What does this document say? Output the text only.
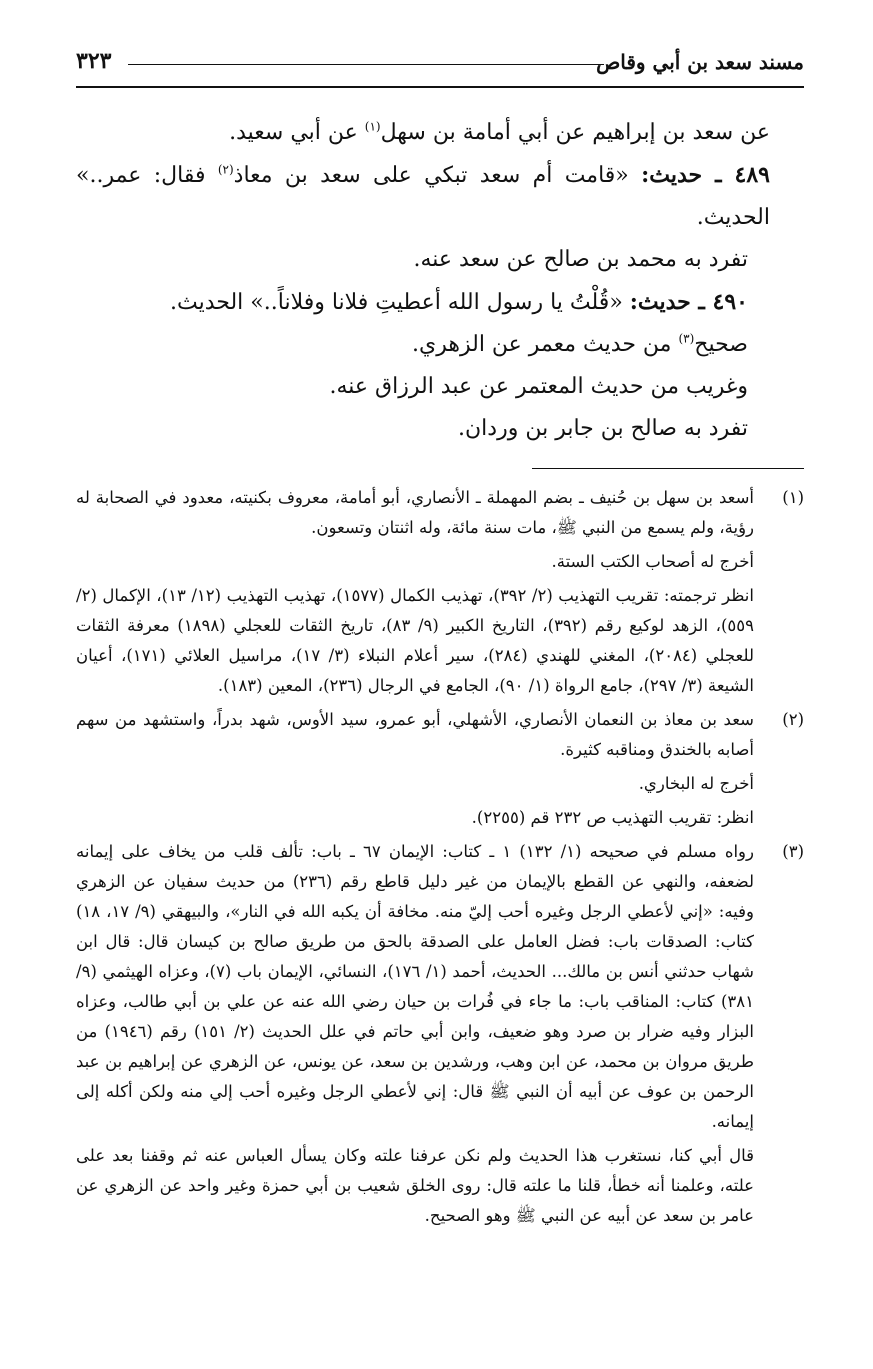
مسند سعد بن أبي وقاص
٣٢٣

عن سعد بن إبراهيم عن أبي أمامة بن سهل$^{(١)}$ عن أبي سعيد.

٤٨٩ ـ حديث: «قامت أم سعد تبكي على سعد بن معاذ$^{(٢)}$ فقال: عمر..» الحديث.

تفرد به محمد بن صالح عن سعد عنه.

٤٩٠ ـ حديث: «قُلْتُ يا رسول الله أعطيتِ فلانا وفلاناً..» الحديث.

صحيح$^{(٣)}$ من حديث معمر عن الزهري.

وغريب من حديث المعتمر عن عبد الرزاق عنه.

تفرد به صالح بن جابر بن وردان.

(١)

أسعد بن سهل بن حُنيف ـ بضم المهملة ـ الأنصاري، أبو أمامة، معروف بكنيته، معدود في الصحابة له رؤية، ولم يسمع من النبي ﷺ، مات سنة مائة، وله اثنتان وتسعون.

أخرج له أصحاب الكتب الستة.

انظر ترجمته: تقريب التهذيب (٢/ ٣٩٢)، تهذيب الكمال (١٥٧٧)، تهذيب التهذيب (١٢/ ١٣)، الإكمال (٢/ ٥٥٩)، الزهد لوكيع رقم (٣٩٢)، التاريخ الكبير (٩/ ٨٣)، تاريخ الثقات للعجلي (١٨٩٨) معرفة الثقات للعجلي (٢٠٨٤)، المغني للهندي (٢٨٤)، سير أعلام النبلاء (٣/ ١٧)، مراسيل العلائي (١٧١)، أعيان الشيعة (٣/ ٢٩٧)، جامع الرواة (١/ ٩٠)، الجامع في الرجال (٢٣٦)، المعين (١٨٣).

(٢)

سعد بن معاذ بن النعمان الأنصاري، الأشهلي، أبو عمرو، سيد الأوس، شهد بدراً، واستشهد من سهم أصابه بالخندق ومناقبه كثيرة.

أخرج له البخاري.

انظر: تقريب التهذيب ص ٢٣٢ قم (٢٢٥٥).

(٣)

رواه مسلم في صحيحه (١/ ١٣٢) ١ ـ كتاب: الإيمان ٦٧ ـ باب: تألف قلب من يخاف على إيمانه لضعفه، والنهي عن القطع بالإيمان من غير دليل قاطع رقم (٢٣٦) من حديث سفيان عن الزهري وفيه: «إني لأعطي الرجل وغيره أحب إليّ منه. مخافة أن يكبه الله في النار»، والبيهقي (٩/ ١٧، ١٨) كتاب: الصدقات باب: فضل العامل على الصدقة بالحق من طريق صالح بن كيسان قال: قال ابن شهاب حدثني أنس بن مالك... الحديث، أحمد (١/ ١٧٦)، النسائي، الإيمان باب (٧)، وعزاه الهيثمي (٩/ ٣٨١) كتاب: المناقب باب: ما جاء في فُرات بن حيان رضي الله عنه عن علي بن أبي طالب، وعزاه البزار وفيه ضرار بن صرد وهو ضعيف، وابن أبي حاتم في علل الحديث (٢/ ١٥١) رقم (١٩٤٦) من طريق مروان بن محمد، عن ابن وهب، ورشدين بن سعد، عن يونس، عن الزهري عن إبراهيم بن عبد الرحمن بن عوف عن أبيه أن النبي ﷺ قال: إني لأعطي الرجل وغيره أحب إلي منه ولكن أكله إلى إيمانه.

قال أبي كنا، نستغرب هذا الحديث ولم نكن عرفنا علته وكان يسأل العباس عنه ثم وقفنا بعد على علته، وعلمنا أنه خطأ، قلنا ما علته قال: روى الخلق شعيب بن أبي حمزة وغير واحد عن الزهري عن عامر بن سعد عن أبيه عن النبي ﷺ وهو الصحيح.
